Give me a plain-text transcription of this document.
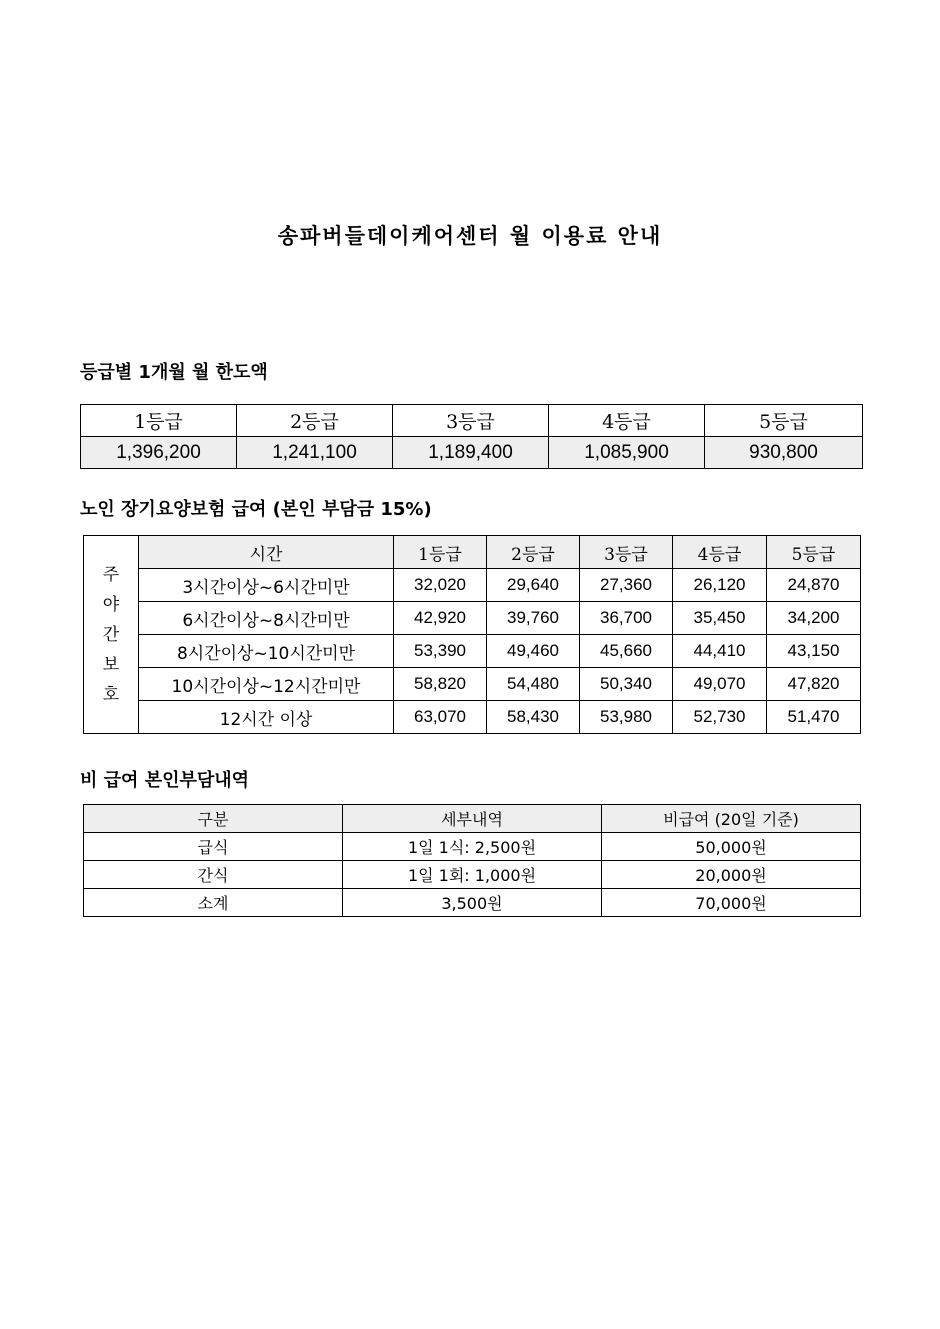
송파버들데이케어센터 월 이용료 안내
등급별 1개월 월 한도액
1등급	2등급	3등급	4등급	5등급
1,396,200	1,241,100	1,189,400	1,085,900	930,800
노인 장기요양보험 급여 (본인 부담금 15%)
주
야
간
보
호	시간	1등급	2등급	3등급	4등급	5등급
	3시간이상~6시간미만	32,020	29,640	27,360	26,120	24,870
	6시간이상~8시간미만	42,920	39,760	36,700	35,450	34,200
	8시간이상~10시간미만	53,390	49,460	45,660	44,410	43,150
	10시간이상~12시간미만	58,820	54,480	50,340	49,070	47,820
	12시간 이상	63,070	58,430	53,980	52,730	51,470
비 급여 본인부담내역
구분	세부내역	비급여 (20일 기준)
급식	1일 1식: 2,500원	50,000원
간식	1일 1회: 1,000원	20,000원
소계	3,500원	70,000원
